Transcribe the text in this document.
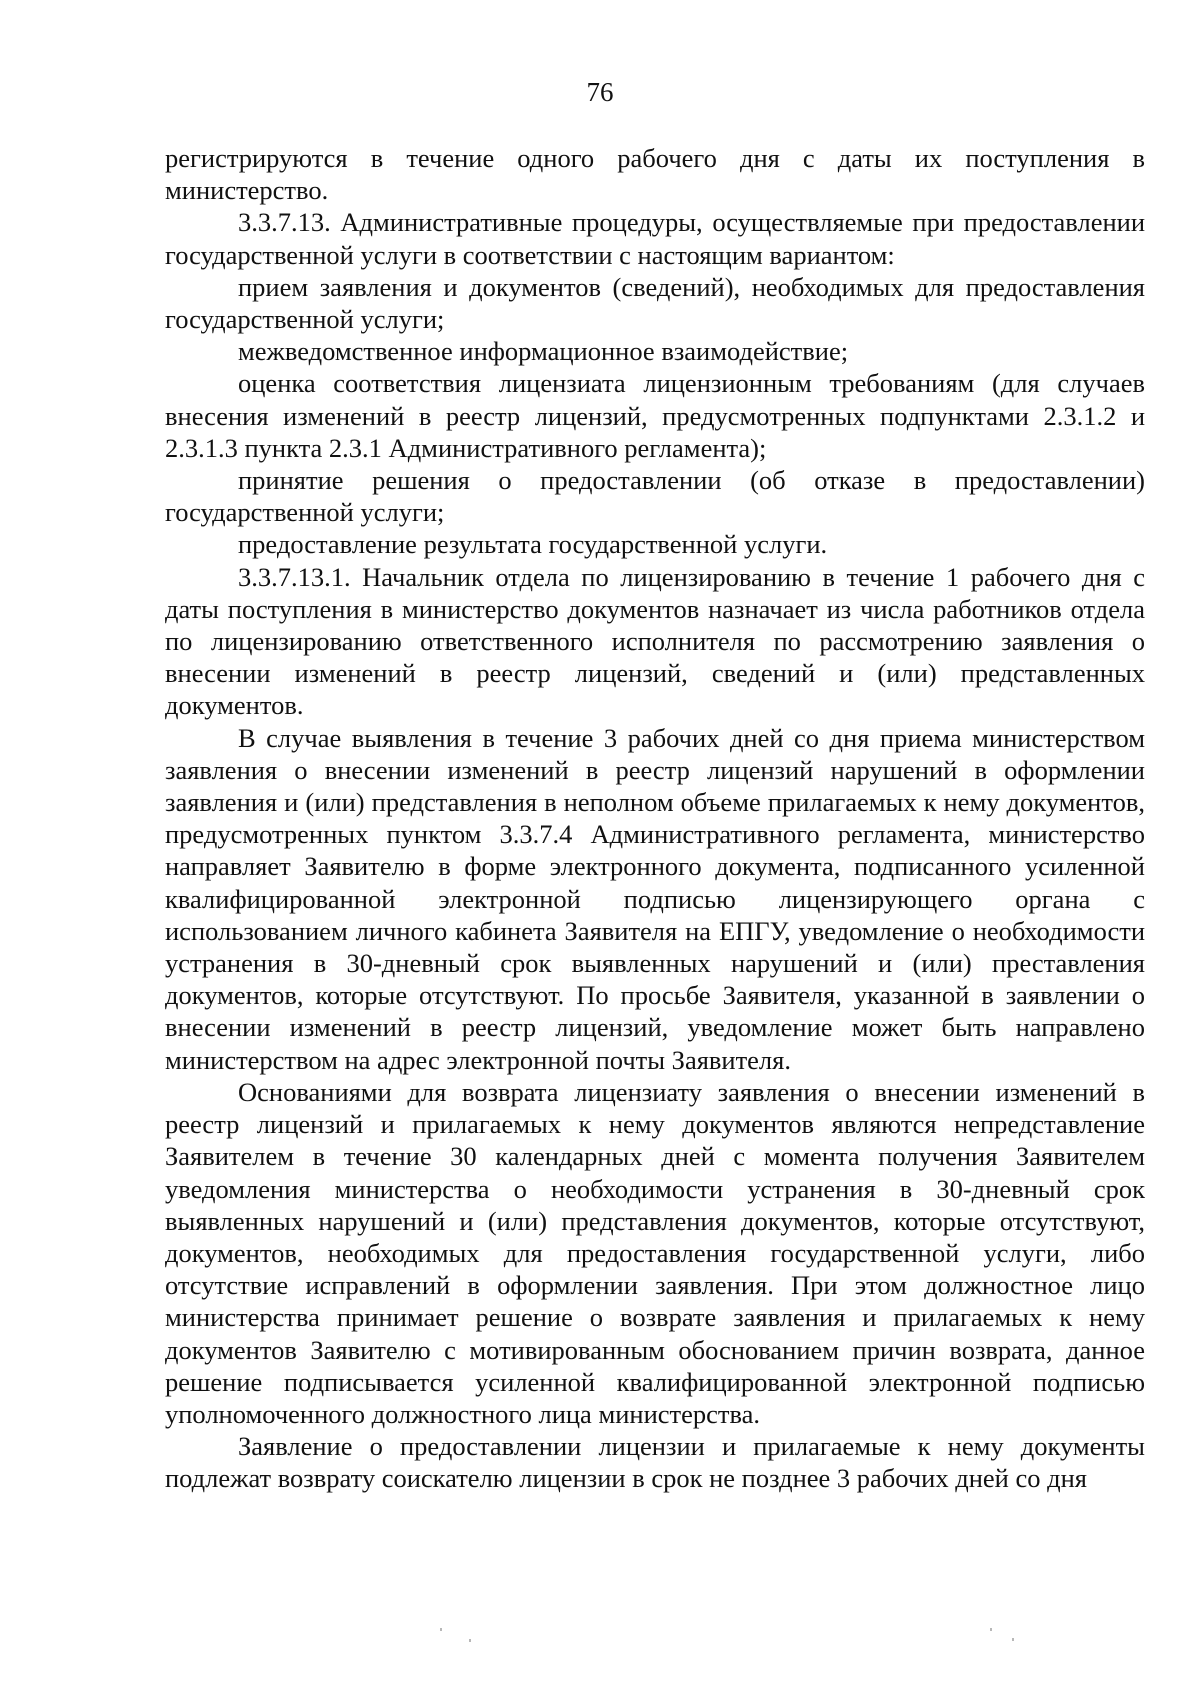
76

регистрируются в течение одного рабочего дня с даты их поступления в министерство.

3.3.7.13. Административные процедуры, осуществляемые при предоставлении государственной услуги в соответствии с настоящим вариантом:

прием заявления и документов (сведений), необходимых для предоставления государственной услуги;

межведомственное информационное взаимодействие;

оценка соответствия лицензиата лицензионным требованиям (для случаев внесения изменений в реестр лицензий, предусмотренных подпунктами 2.3.1.2 и 2.3.1.3 пункта 2.3.1 Административного регламента);

принятие решения о предоставлении (об отказе в предоставлении) государственной услуги;

предоставление результата государственной услуги.

3.3.7.13.1. Начальник отдела по лицензированию в течение 1 рабочего дня с даты поступления в министерство документов назначает из числа работников отдела по лицензированию ответственного исполнителя по рассмотрению заявления о внесении изменений в реестр лицензий, сведений и (или) представленных документов.

В случае выявления в течение 3 рабочих дней со дня приема министерством заявления о внесении изменений в реестр лицензий нарушений в оформлении заявления и (или) представления в неполном объеме прилагаемых к нему документов, предусмотренных пунктом 3.3.7.4 Административного регламента, министерство направляет Заявителю в форме электронного документа, подписанного усиленной квалифицированной электронной подписью лицензирующего органа с использованием личного кабинета Заявителя на ЕПГУ, уведомление о необходимости устранения в 30-дневный срок выявленных нарушений и (или) преставления документов, которые отсутствуют. По просьбе Заявителя, указанной в заявлении о внесении изменений в реестр лицензий, уведомление может быть направлено министерством на адрес электронной почты Заявителя.

Основаниями для возврата лицензиату заявления о внесении изменений в реестр лицензий и прилагаемых к нему документов являются непредставление Заявителем в течение 30 календарных дней с момента получения Заявителем уведомления министерства о необходимости устранения в 30-дневный срок выявленных нарушений и (или) представления документов, которые отсутствуют, документов, необходимых для предоставления государственной услуги, либо отсутствие исправлений в оформлении заявления. При этом должностное лицо министерства принимает решение о возврате заявления и прилагаемых к нему документов Заявителю с мотивированным обоснованием причин возврата, данное решение подписывается усиленной квалифицированной электронной подписью уполномоченного должностного лица министерства.

Заявление о предоставлении лицензии и прилагаемые к нему документы подлежат возврату соискателю лицензии в срок не позднее 3 рабочих дней со дня
